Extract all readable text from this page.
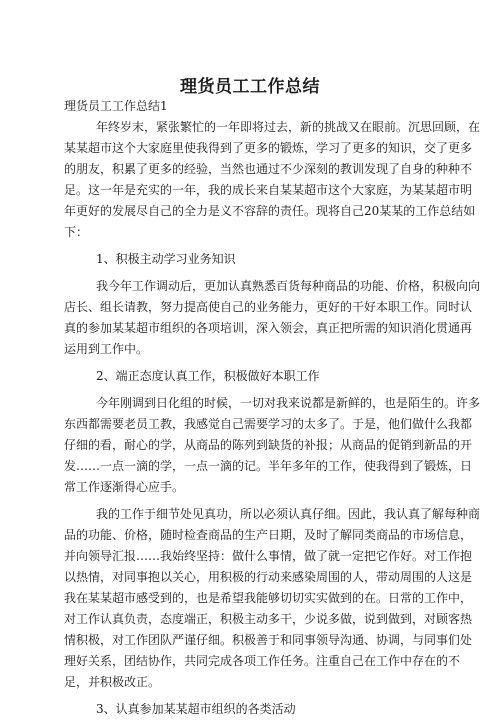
理货员工工作总结
理货员工工作总结1
年终岁末，紧张繁忙的一年即将过去，新的挑战又在眼前。沉思回顾，在
某某超市这个大家庭里使我得到了更多的锻炼，学习了更多的知识，交了更多
的朋友，积累了更多的经验，当然也通过不少深刻的教训发现了自身的种种不
足。这一年是充实的一年，我的成长来自某某超市这个大家庭，为某某超市明
年更好的发展尽自己的全力是义不容辞的责任。现将自己20某某的工作总结如
下：
1、积极主动学习业务知识
我今年工作调动后，更加认真熟悉百货每种商品的功能、价格，积极向向
店长、组长请教，努力提高使自己的业务能力，更好的干好本职工作。同时认
真的参加某某超市组织的各项培训，深入领会，真正把所需的知识消化贯通再
运用到工作中。
2、端正态度认真工作，积极做好本职工作
今年刚调到日化组的时候，一切对我来说都是新鲜的，也是陌生的。许多
东西都需要老员工教，我感觉自己需要学习的太多了。于是，他们做什么我都
仔细的看，耐心的学，从商品的陈列到缺货的补报；从商品的促销到新品的开
发……一点一滴的学，一点一滴的记。半年多年的工作，使我得到了锻炼，日
常工作逐渐得心应手。
我的工作于细节处见真功，所以必须认真仔细。因此，我认真了解每种商
品的功能、价格，随时检查商品的生产日期，及时了解同类商品的市场信息，
并向领导汇报……我始终坚持：做什么事情，做了就一定把它作好。对工作抱
以热情，对同事抱以关心，用积极的行动来感染周围的人，带动周围的人这是
我在某某超市感受到的，也是希望我能够切切实实做到的在。日常的工作中，
对工作认真负责，态度端正，积极主动多干，少说多做，说到做到，对顾客热
情积极，对工作团队严谨仔细。积极善于和同事领导沟通、协调，与同事们处
理好关系，团结协作，共同完成各项工作任务。注重自己在工作中存在的不
足，并积极改正。
3、认真参加某某超市组织的各类活动
